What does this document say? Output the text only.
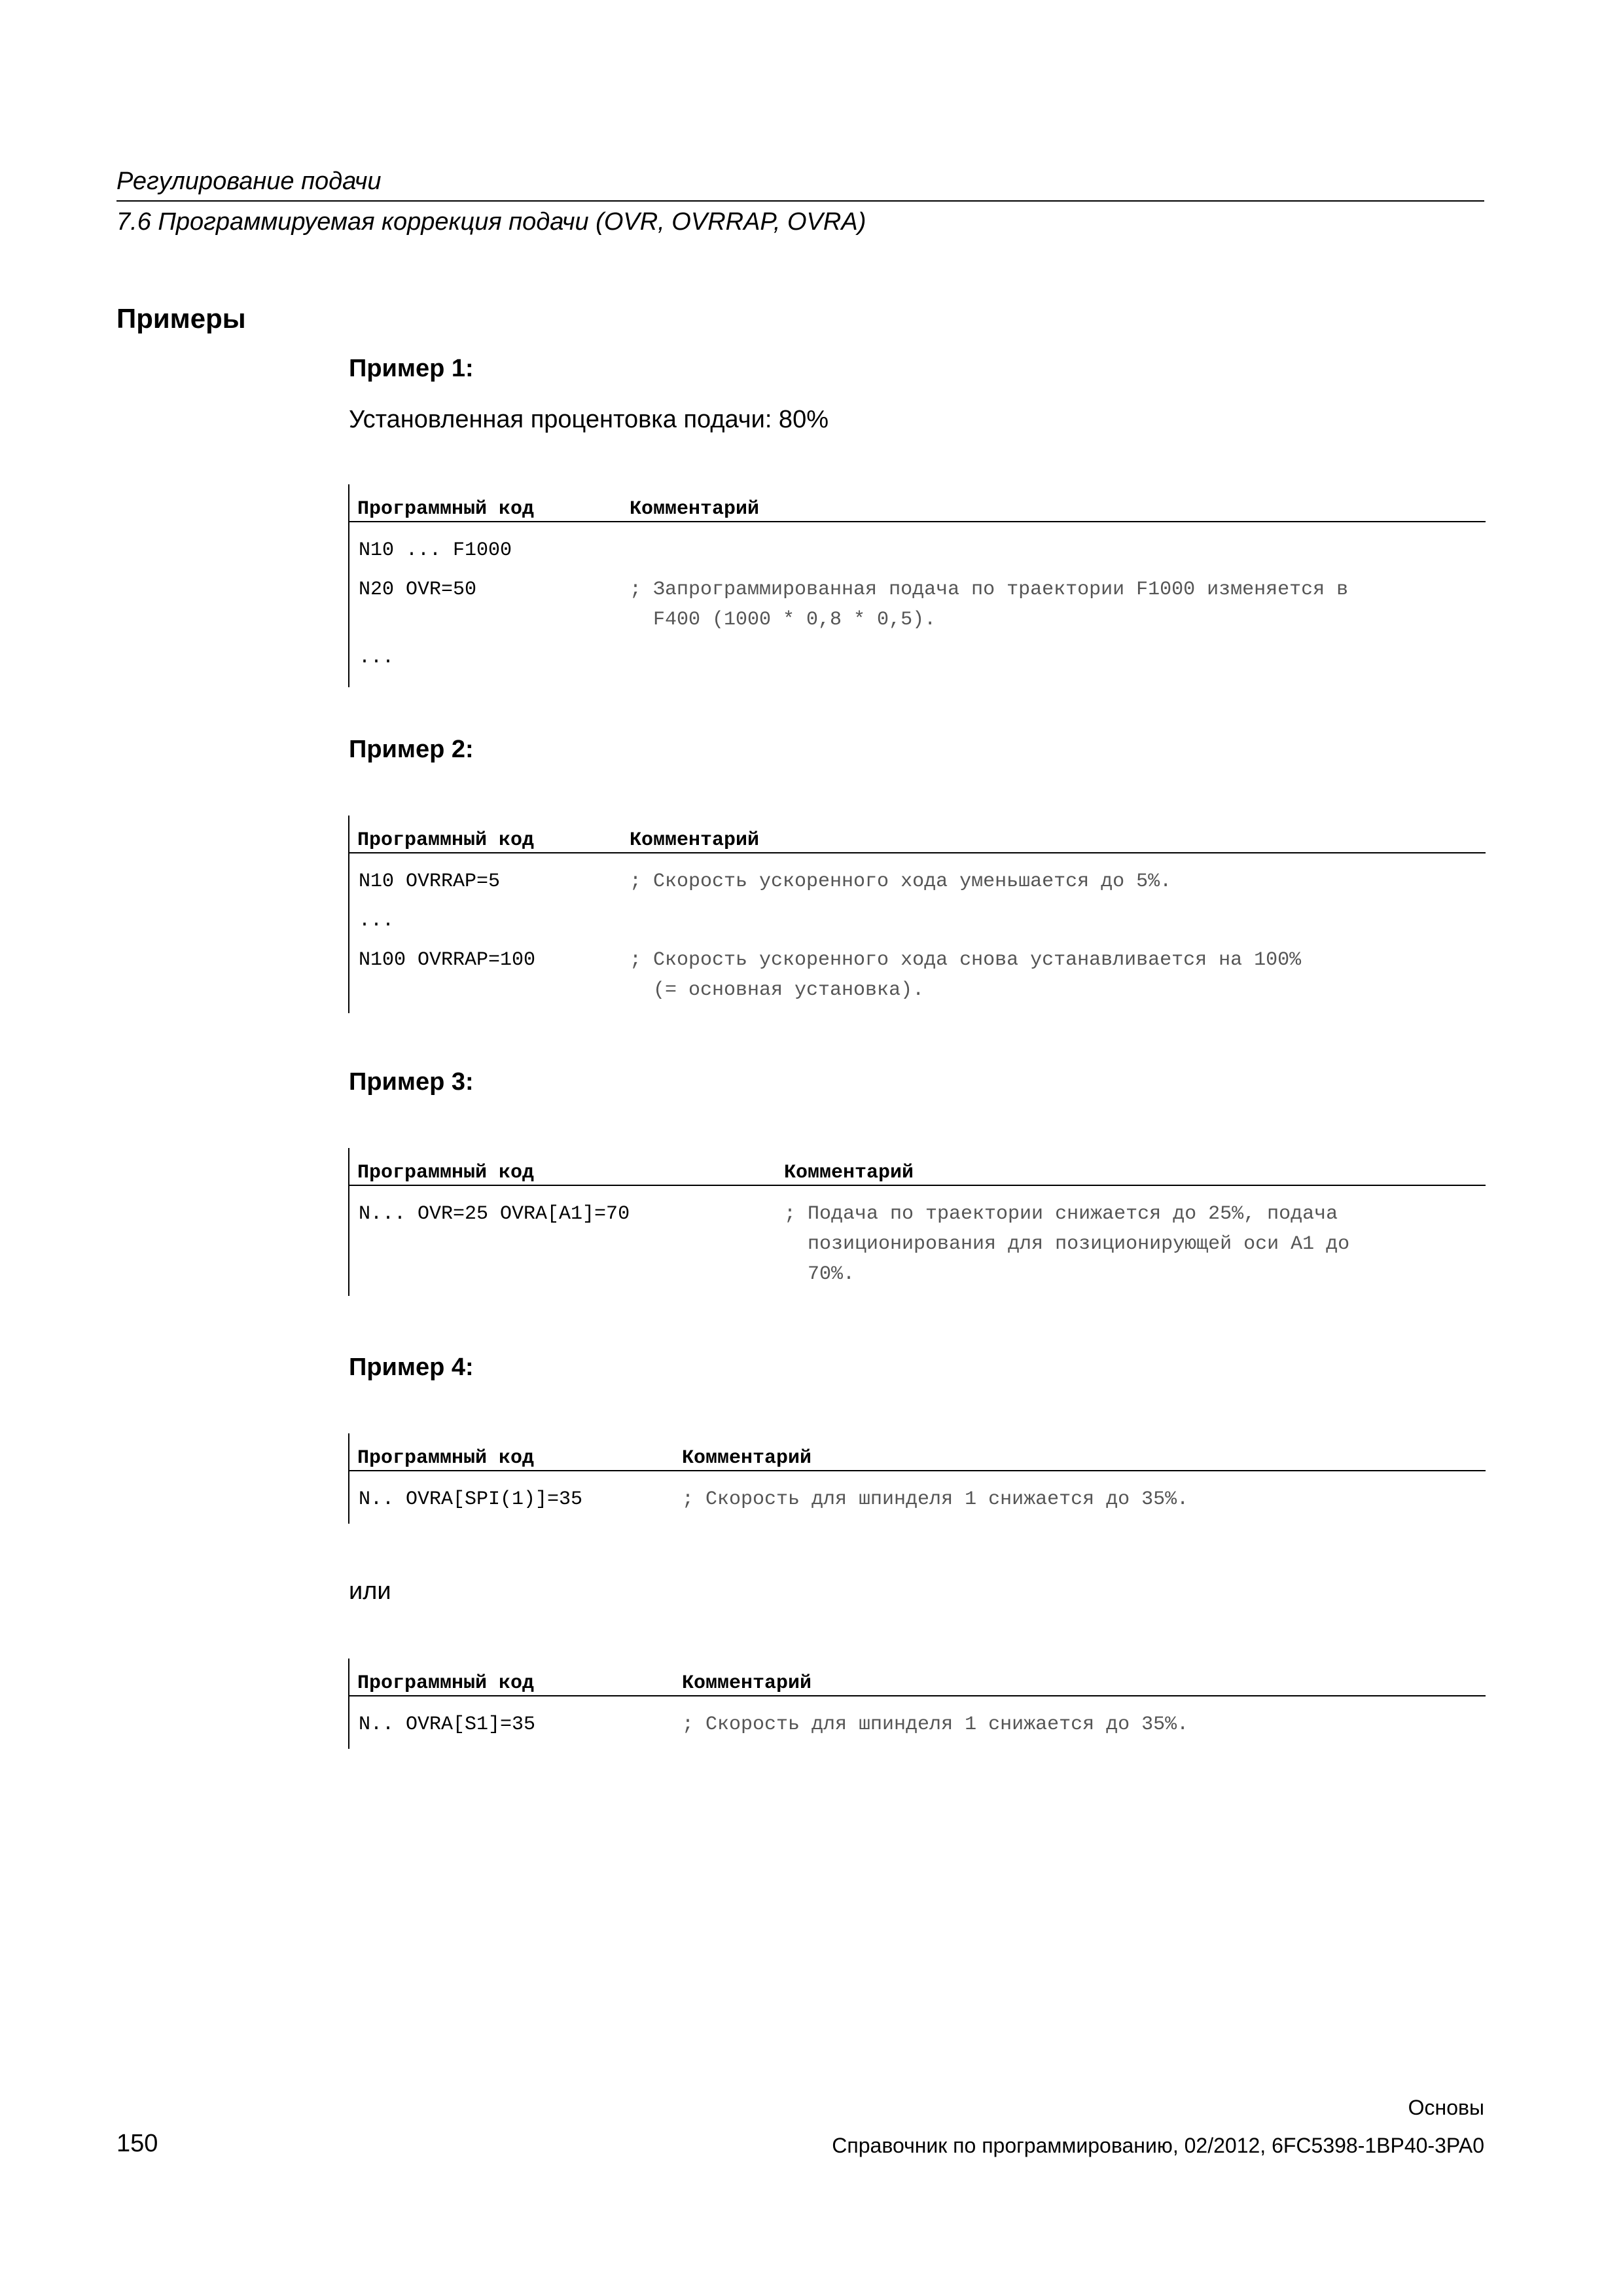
Регулирование подачи
7.6 Программируемая коррекция подачи (OVR, OVRRAP, OVRA)
Примеры
Пример 1:
Установленная процентовка подачи: 80%
Программный код	Комментарий
N10 ... F1000
N20 OVR=50	; Запрограммированная подача по траектории F1000 изменяется в
F400 (1000 * 0,8 * 0,5).
...
Пример 2:
Программный код	Комментарий
N10 OVRRAP=5	; Скорость ускоренного хода уменьшается до 5%.
...
N100 OVRRAP=100	; Скорость ускоренного хода снова устанавливается на 100%
(= основная установка).
Пример 3:
Программный код	Комментарий
N... OVR=25 OVRA[A1]=70	; Подача по траектории снижается до 25%, подача
позиционирования для позиционирующей оси A1 до
70%.
Пример 4:
Программный код	Комментарий
N.. OVRA[SPI(1)]=35	; Скорость для шпинделя 1 снижается до 35%.
или
Программный код	Комментарий
N.. OVRA[S1]=35	; Скорость для шпинделя 1 снижается до 35%.
Основы
150	Справочник по программированию, 02/2012, 6FC5398-1BP40-3PA0
